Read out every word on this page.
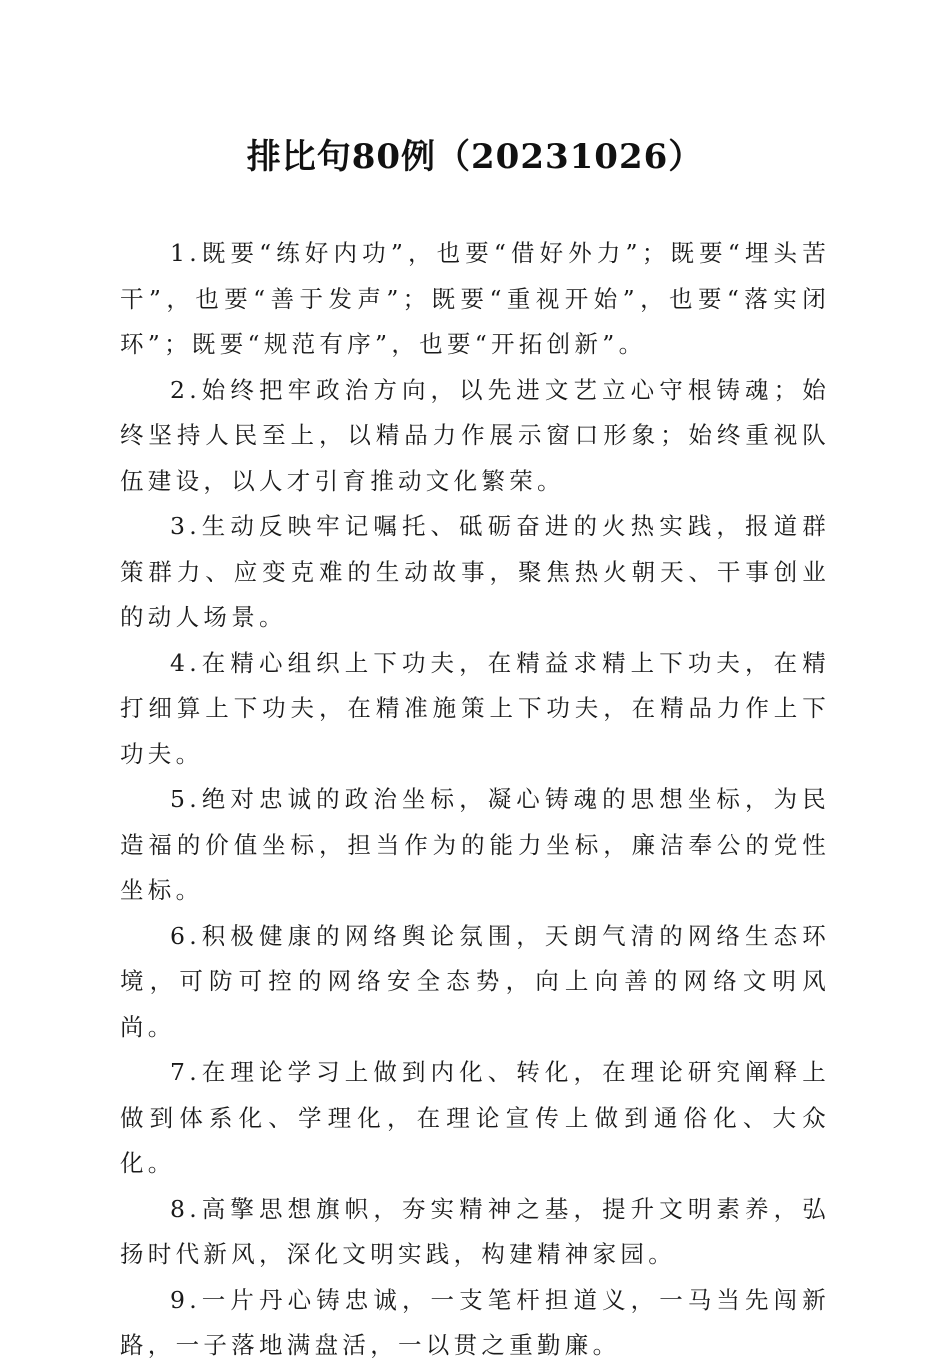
排比句80例（20231026）

1.既要“练好内功”，也要“借好外力”；既要“埋头苦干”，也要“善于发声”；既要“重视开始”，也要“落实闭环”；既要“规范有序”，也要“开拓创新”。

2.始终把牢政治方向，以先进文艺立心守根铸魂；始终坚持人民至上，以精品力作展示窗口形象；始终重视队伍建设，以人才引育推动文化繁荣。

3.生动反映牢记嘱托、砥砺奋进的火热实践，报道群策群力、应变克难的生动故事，聚焦热火朝天、干事创业的动人场景。

4.在精心组织上下功夫，在精益求精上下功夫，在精打细算上下功夫，在精准施策上下功夫，在精品力作上下功夫。

5.绝对忠诚的政治坐标，凝心铸魂的思想坐标，为民造福的价值坐标，担当作为的能力坐标，廉洁奉公的党性坐标。

6.积极健康的网络舆论氛围，天朗气清的网络生态环境，可防可控的网络安全态势，向上向善的网络文明风尚。

7.在理论学习上做到内化、转化，在理论研究阐释上做到体系化、学理化，在理论宣传上做到通俗化、大众化。

8.高擎思想旗帜，夯实精神之基，提升文明素养，弘扬时代新风，深化文明实践，构建精神家园。

9.一片丹心铸忠诚，一支笔杆担道义，一马当先闯新路，一子落地满盘活，一以贯之重勤廉。
